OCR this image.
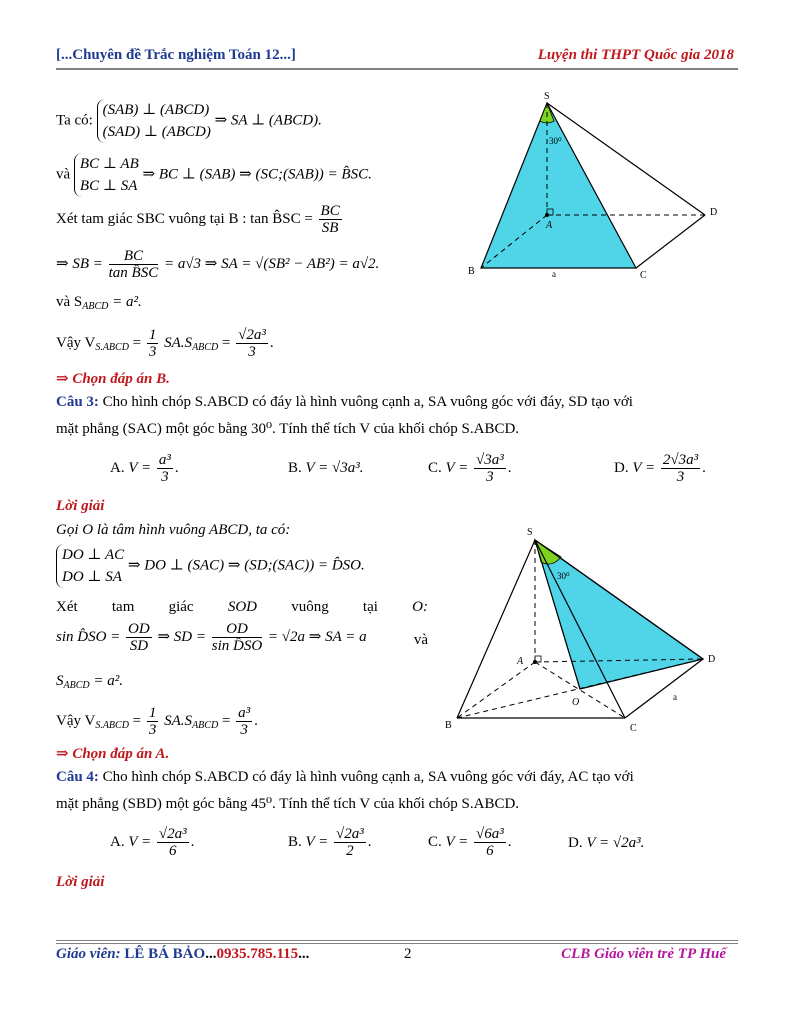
[...Chuyên đề Trắc nghiệm Toán 12...]	Luyện thi THPT Quốc gia 2018
Ta có:
(SAB) ⊥ (ABCD)
(SAD) ⊥ (ABCD)
⇒ SA ⊥ (ABCD).
và
BC ⊥ AB
BC ⊥ SA
⇒ BC ⊥ (SAB) ⇒ (SC;(SAB)) = B̂SC.
Xét tam giác SBC vuông tại B : tan B̂SC = $\frac{BC}{SB}$
⇒ SB = $\frac{BC}{\text{tan B̂SC}} = a√3$ ⇒ SA = √(SB² − AB²) = a√2.
và $S_{ABCD} = a^2$.
Vậy $V_{S.ABCD} = \frac{1}{3} SA.S_{ABCD} = \frac{\text{√2a³}}{3}$ .
⇒ Chọn đáp án B.
S
A
B	C
D
a
30⁰
Câu 3: Cho hình chóp S.ABCD có đáy là hình vuông cạnh a, SA vuông góc với đáy, SD tạo với
mặt phẳng (SAC) một góc bằng 30⁰. Tính thể tích V của khối chóp S.ABCD.
A. $V = \frac{\text{a³}}{3}$ .	B. V = √3a³.	C. $V = \frac{\text{√3a³}}{3}$ .	D. $V = \frac{\text{2√3a³}}{3}$ .
Lời giải
Gọi O là tâm hình vuông ABCD, ta có:
DO ⊥ AC
DO ⊥ SA
⇒ DO ⊥ (SAC) ⇒ (SD;(SAC)) = D̂SO.
Xét tam giác SOD vuông tại O:
sin D̂SO = $\frac{OD}{SD}$ ⇒ SD = $\frac{OD}{\text{sin D̂SO}} = √2a$ ⇒ SA = a	và
$S_{ABCD} = a^2$.
Vậy $V_{S.ABCD} = \frac{1}{3} SA.S_{ABCD} = \frac{\text{a³}}{3}$ .
⇒ Chọn đáp án A.
S
A
B	C
D
O	a
30⁰
Câu 4: Cho hình chóp S.ABCD có đáy là hình vuông cạnh a, SA vuông góc với đáy, AC tạo với
mặt phẳng (SBD) một góc bằng 45⁰. Tính thể tích V của khối chóp S.ABCD.
A. $V = \frac{\text{√2a³}}{6}$ .	B. $V = \frac{\text{√2a³}}{2}$ .	C. $V = \frac{\text{√6a³}}{6}$ .	D. V = √2a³.
Lời giải
Giáo viên: LÊ BÁ BẢO...0935.785.115...	2	CLB Giáo viên trẻ TP Huế
